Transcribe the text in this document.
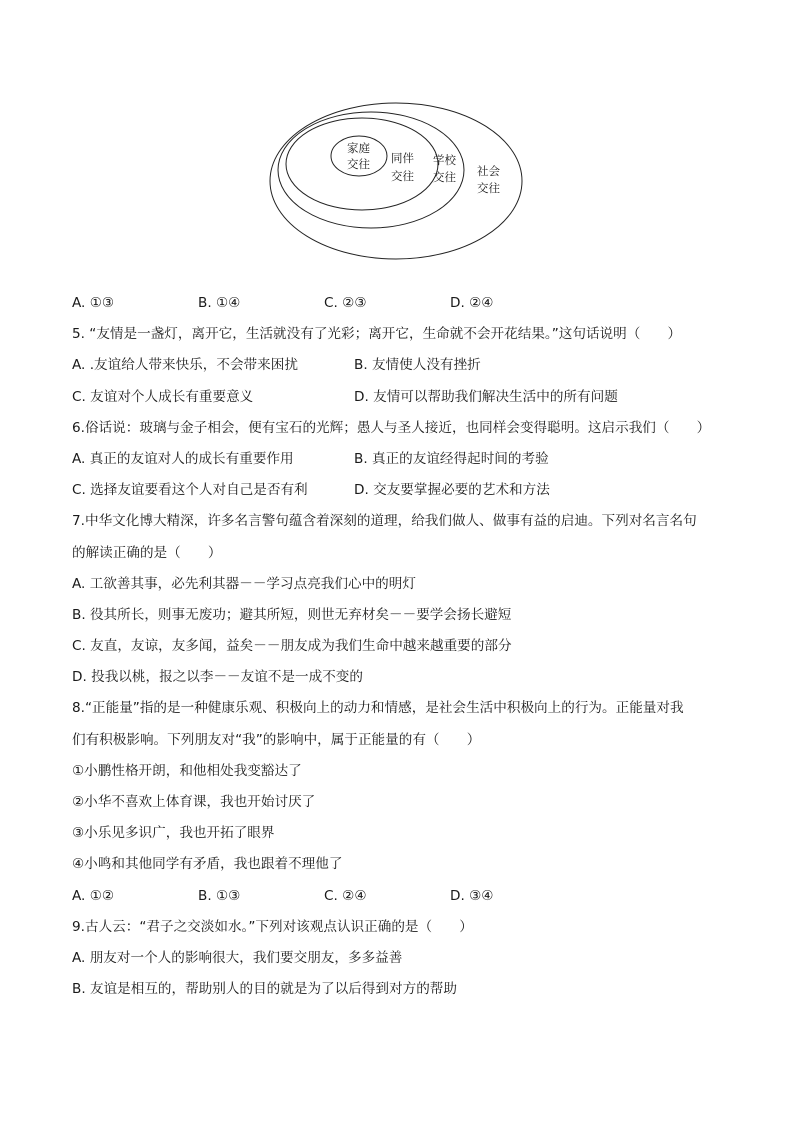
家庭
交往 同伴
交往
学校
交往 社会
交往
A. ①③	B. ①④	C. ②③	D. ②④
5. “友情是一盏灯，离开它，生活就没有了光彩；离开它，生命就不会开花结果。”这句话说明（　　）
A. .友谊给人带来快乐，不会带来困扰	B. 友情使人没有挫折
C. 友谊对个人成长有重要意义	D. 友情可以帮助我们解决生活中的所有问题
6.俗话说：玻璃与金子相会，便有宝石的光辉；愚人与圣人接近，也同样会变得聪明。这启示我们（　　）
A. 真正的友谊对人的成长有重要作用	B. 真正的友谊经得起时间的考验
C. 选择友谊要看这个人对自己是否有利	D. 交友要掌握必要的艺术和方法
7.中华文化博大精深，许多名言警句蕴含着深刻的道理，给我们做人、做事有益的启迪。下列对名言名句
的解读正确的是（　　）
A. 工欲善其事，必先利其器－－学习点亮我们心中的明灯
B. 役其所长，则事无废功；避其所短，则世无弃材矣－－要学会扬长避短
C. 友直，友谅，友多闻，益矣－－朋友成为我们生命中越来越重要的部分
D. 投我以桃，报之以李－－友谊不是一成不变的
8.“正能量”指的是一种健康乐观、积极向上的动力和情感，是社会生活中积极向上的行为。正能量对我
们有积极影响。下列朋友对“我”的影响中，属于正能量的有（　　）
①小鹏性格开朗，和他相处我变豁达了
②小华不喜欢上体育课，我也开始讨厌了
③小乐见多识广，我也开拓了眼界
④小鸣和其他同学有矛盾，我也跟着不理他了
A. ①②	B. ①③	C. ②④	D. ③④
9.古人云：“君子之交淡如水。”下列对该观点认识正确的是（　　）
A. 朋友对一个人的影响很大，我们要交朋友，多多益善
B. 友谊是相互的，帮助别人的目的就是为了以后得到对方的帮助
